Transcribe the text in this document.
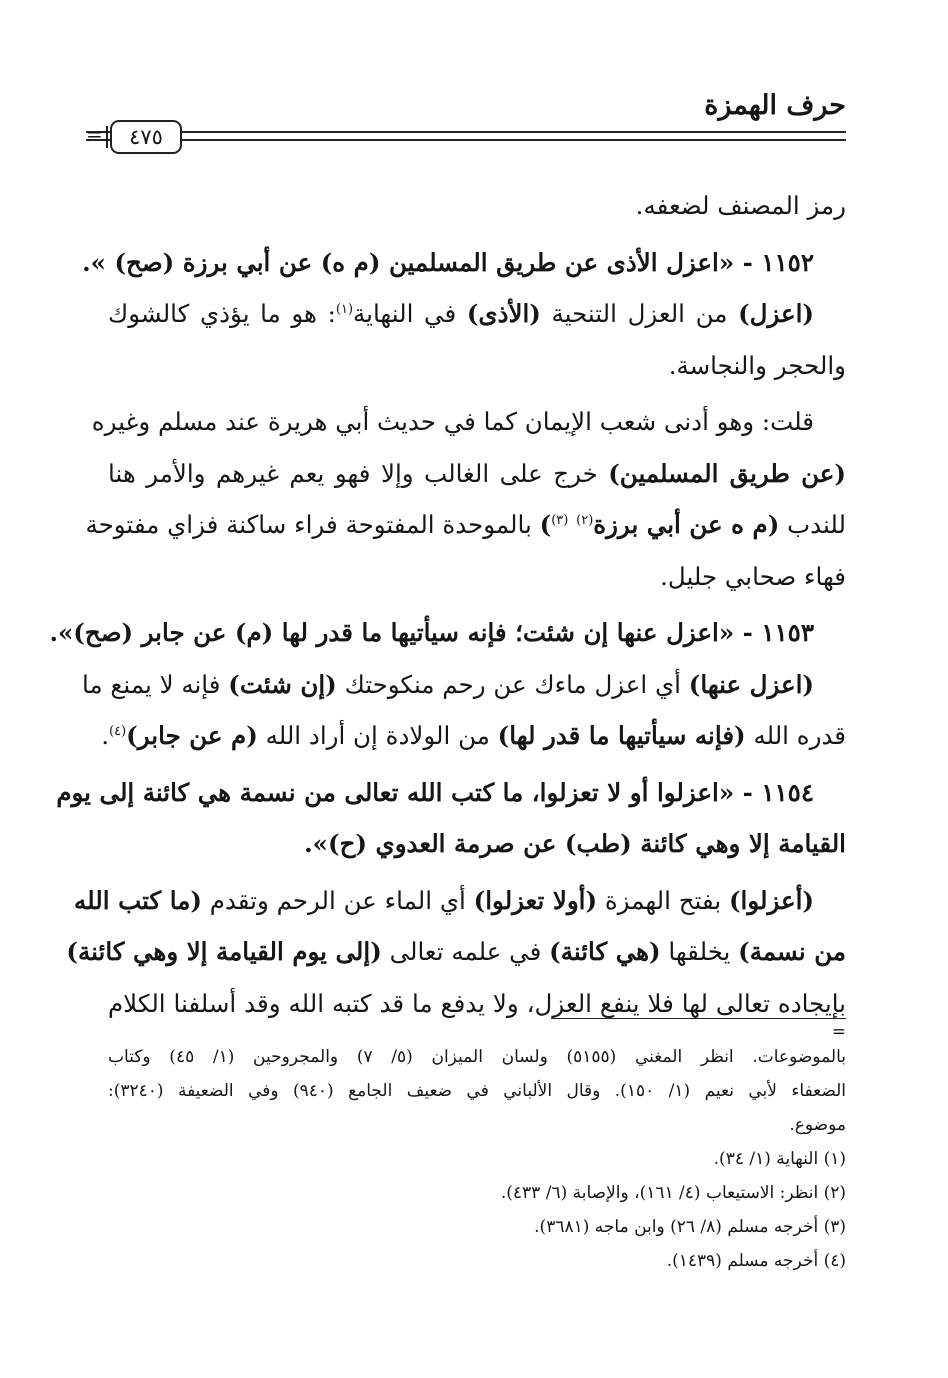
حرف الهمزة
=	٤٧٥
رمز المصنف لضعفه.
١١٥٢ - «اعزل الأذى عن طريق المسلمين (م ه) عن أبي برزة (صح) ».
(اعزل) من العزل التنحية (الأذى) في النهاية$^{(١)}$: هو ما يؤذي كالشوك
والحجر والنجاسة.
قلت: وهو أدنى شعب الإيمان كما في حديث أبي هريرة عند مسلم وغيره
(عن طريق المسلمين) خرج على الغالب وإلا فهو يعم غيرهم والأمر هنا
للندب (م ه عن أبي برزة$^{(٢)}$ $^{(٣)}$) بالموحدة المفتوحة فراء ساكنة فزاي مفتوحة
فهاء صحابي جليل.
١١٥٣ - «اعزل عنها إن شئت؛ فإنه سيأتيها ما قدر لها (م) عن جابر (صح)».
(اعزل عنها) أي اعزل ماءك عن رحم منكوحتك (إن شئت) فإنه لا يمنع ما
قدره الله (فإنه سيأتيها ما قدر لها) من الولادة إن أراد الله (م عن جابر)$^{(٤)}$.
١١٥٤ - «اعزلوا أو لا تعزلوا، ما كتب الله تعالى من نسمة هي كائنة إلى يوم
القيامة إلا وهي كائنة (طب) عن صرمة العدوي (ح)».
(أعزلوا) بفتح الهمزة (أولا تعزلوا) أي الماء عن الرحم وتقدم (ما كتب الله
من نسمة) يخلقها (هي كائنة) في علمه تعالى (إلى يوم القيامة إلا وهي كائنة)
بإيجاده تعالى لها فلا ينفع العزل، ولا يدفع ما قد كتبه الله وقد أسلفنا الكلام
=
بالموضوعات. انظر المغني (٥١٥٥) ولسان الميزان (٥/ ٧) والمجروحين (١/ ٤٥) وكتاب
الضعفاء لأبي نعيم (١/ ١٥٠). وقال الألباني في ضعيف الجامع (٩٤٠) وفي الضعيفة (٣٢٤٠):
موضوع.
(١) النهاية (١/ ٣٤).
(٢) انظر: الاستيعاب (٤/ ١٦١)، والإصابة (٦/ ٤٣٣).
(٣) أخرجه مسلم (٨/ ٢٦) وابن ماجه (٣٦٨١).
(٤) أخرجه مسلم (١٤٣٩).
